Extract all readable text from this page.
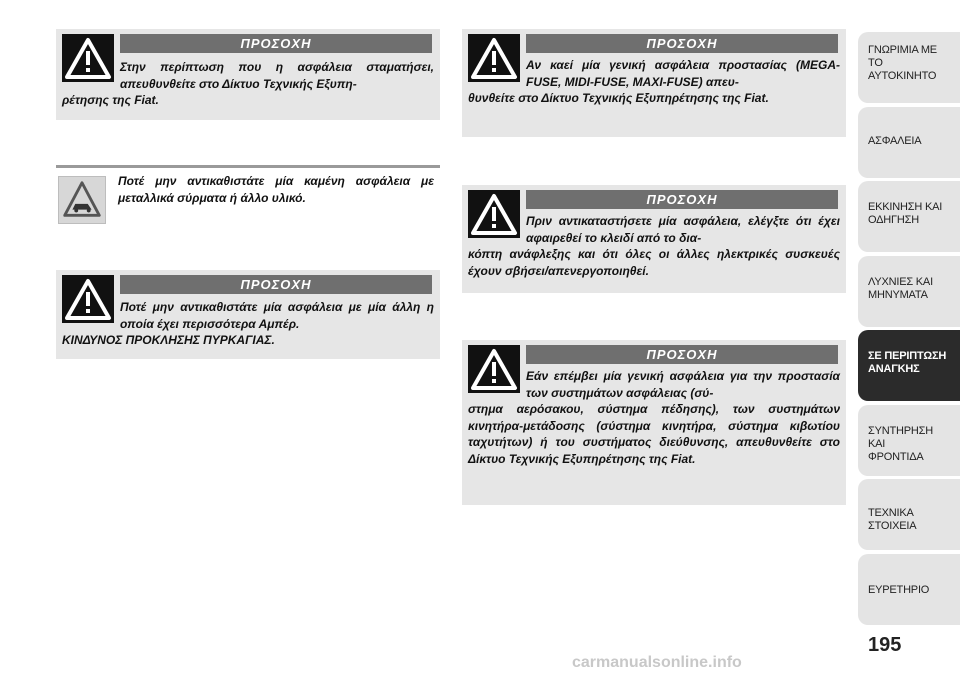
ΠΡΟΣΟΧΗ
Στην περίπτωση που η ασφάλεια σταματήσει, απευθυνθείτε στο Δίκτυο Τεχνικής Εξυπη-
ρέτησης της Fiat.
Ποτέ μην αντικαθιστάτε μία καμένη ασφάλεια με μεταλλικά σύρματα ή άλλο υλικό.
ΠΡΟΣΟΧΗ
Ποτέ μην αντικαθιστάτε μία ασφάλεια με μία άλλη η οποία έχει περισσότερα Αμπέρ.
ΚΙΝΔΥΝΟΣ ΠΡΟΚΛΗΣΗΣ ΠΥΡΚΑΓΙΑΣ.
ΠΡΟΣΟΧΗ
Αν καεί μία γενική ασφάλεια προστασίας (MEGA-FUSE, MIDI-FUSE, MAXI-FUSE) απευ-
θυνθείτε στο Δίκτυο Τεχνικής Εξυπηρέτησης της Fiat.
ΠΡΟΣΟΧΗ
Πριν αντικαταστήσετε μία ασφάλεια, ελέγξτε ότι έχει αφαιρεθεί το κλειδί από το δια-
κόπτη ανάφλεξης και ότι όλες οι άλλες ηλεκτρικές συσκευές έχουν σβήσει/απενεργοποιηθεί.
ΠΡΟΣΟΧΗ
Εάν επέμβει μία γενική ασφάλεια για την προστασία των συστημάτων ασφάλειας (σύ-
στημα αερόσακου, σύστημα πέδησης), των συστημάτων κινητήρα-μετάδοσης (σύστημα κινητήρα, σύστημα κιβωτίου ταχυτήτων) ή του συστήματος διεύθυνσης, απευθυνθείτε στο Δίκτυο Τεχνικής Εξυπηρέτησης της Fiat.
ΓΝΩΡΙΜΙΑ ΜΕ ΤΟ
ΑΥΤΟΚΙΝΗΤΟ
ΑΣΦΑΛΕΙΑ
ΕΚΚΙΝΗΣΗ ΚΑΙ
ΟΔΗΓΗΣΗ
ΛΥΧΝΙΕΣ ΚΑΙ
ΜΗΝΥΜΑΤΑ
ΣΕ ΠΕΡΙΠΤΩΣΗ
ΑΝΑΓΚΗΣ
ΣΥΝΤΗΡΗΣΗ ΚΑΙ
ΦΡΟΝΤΙΔΑ
ΤΕΧΝΙΚΑ ΣΤΟΙΧΕΙΑ
ΕΥΡΕΤΗΡΙΟ
195
carmanualsonline.info
